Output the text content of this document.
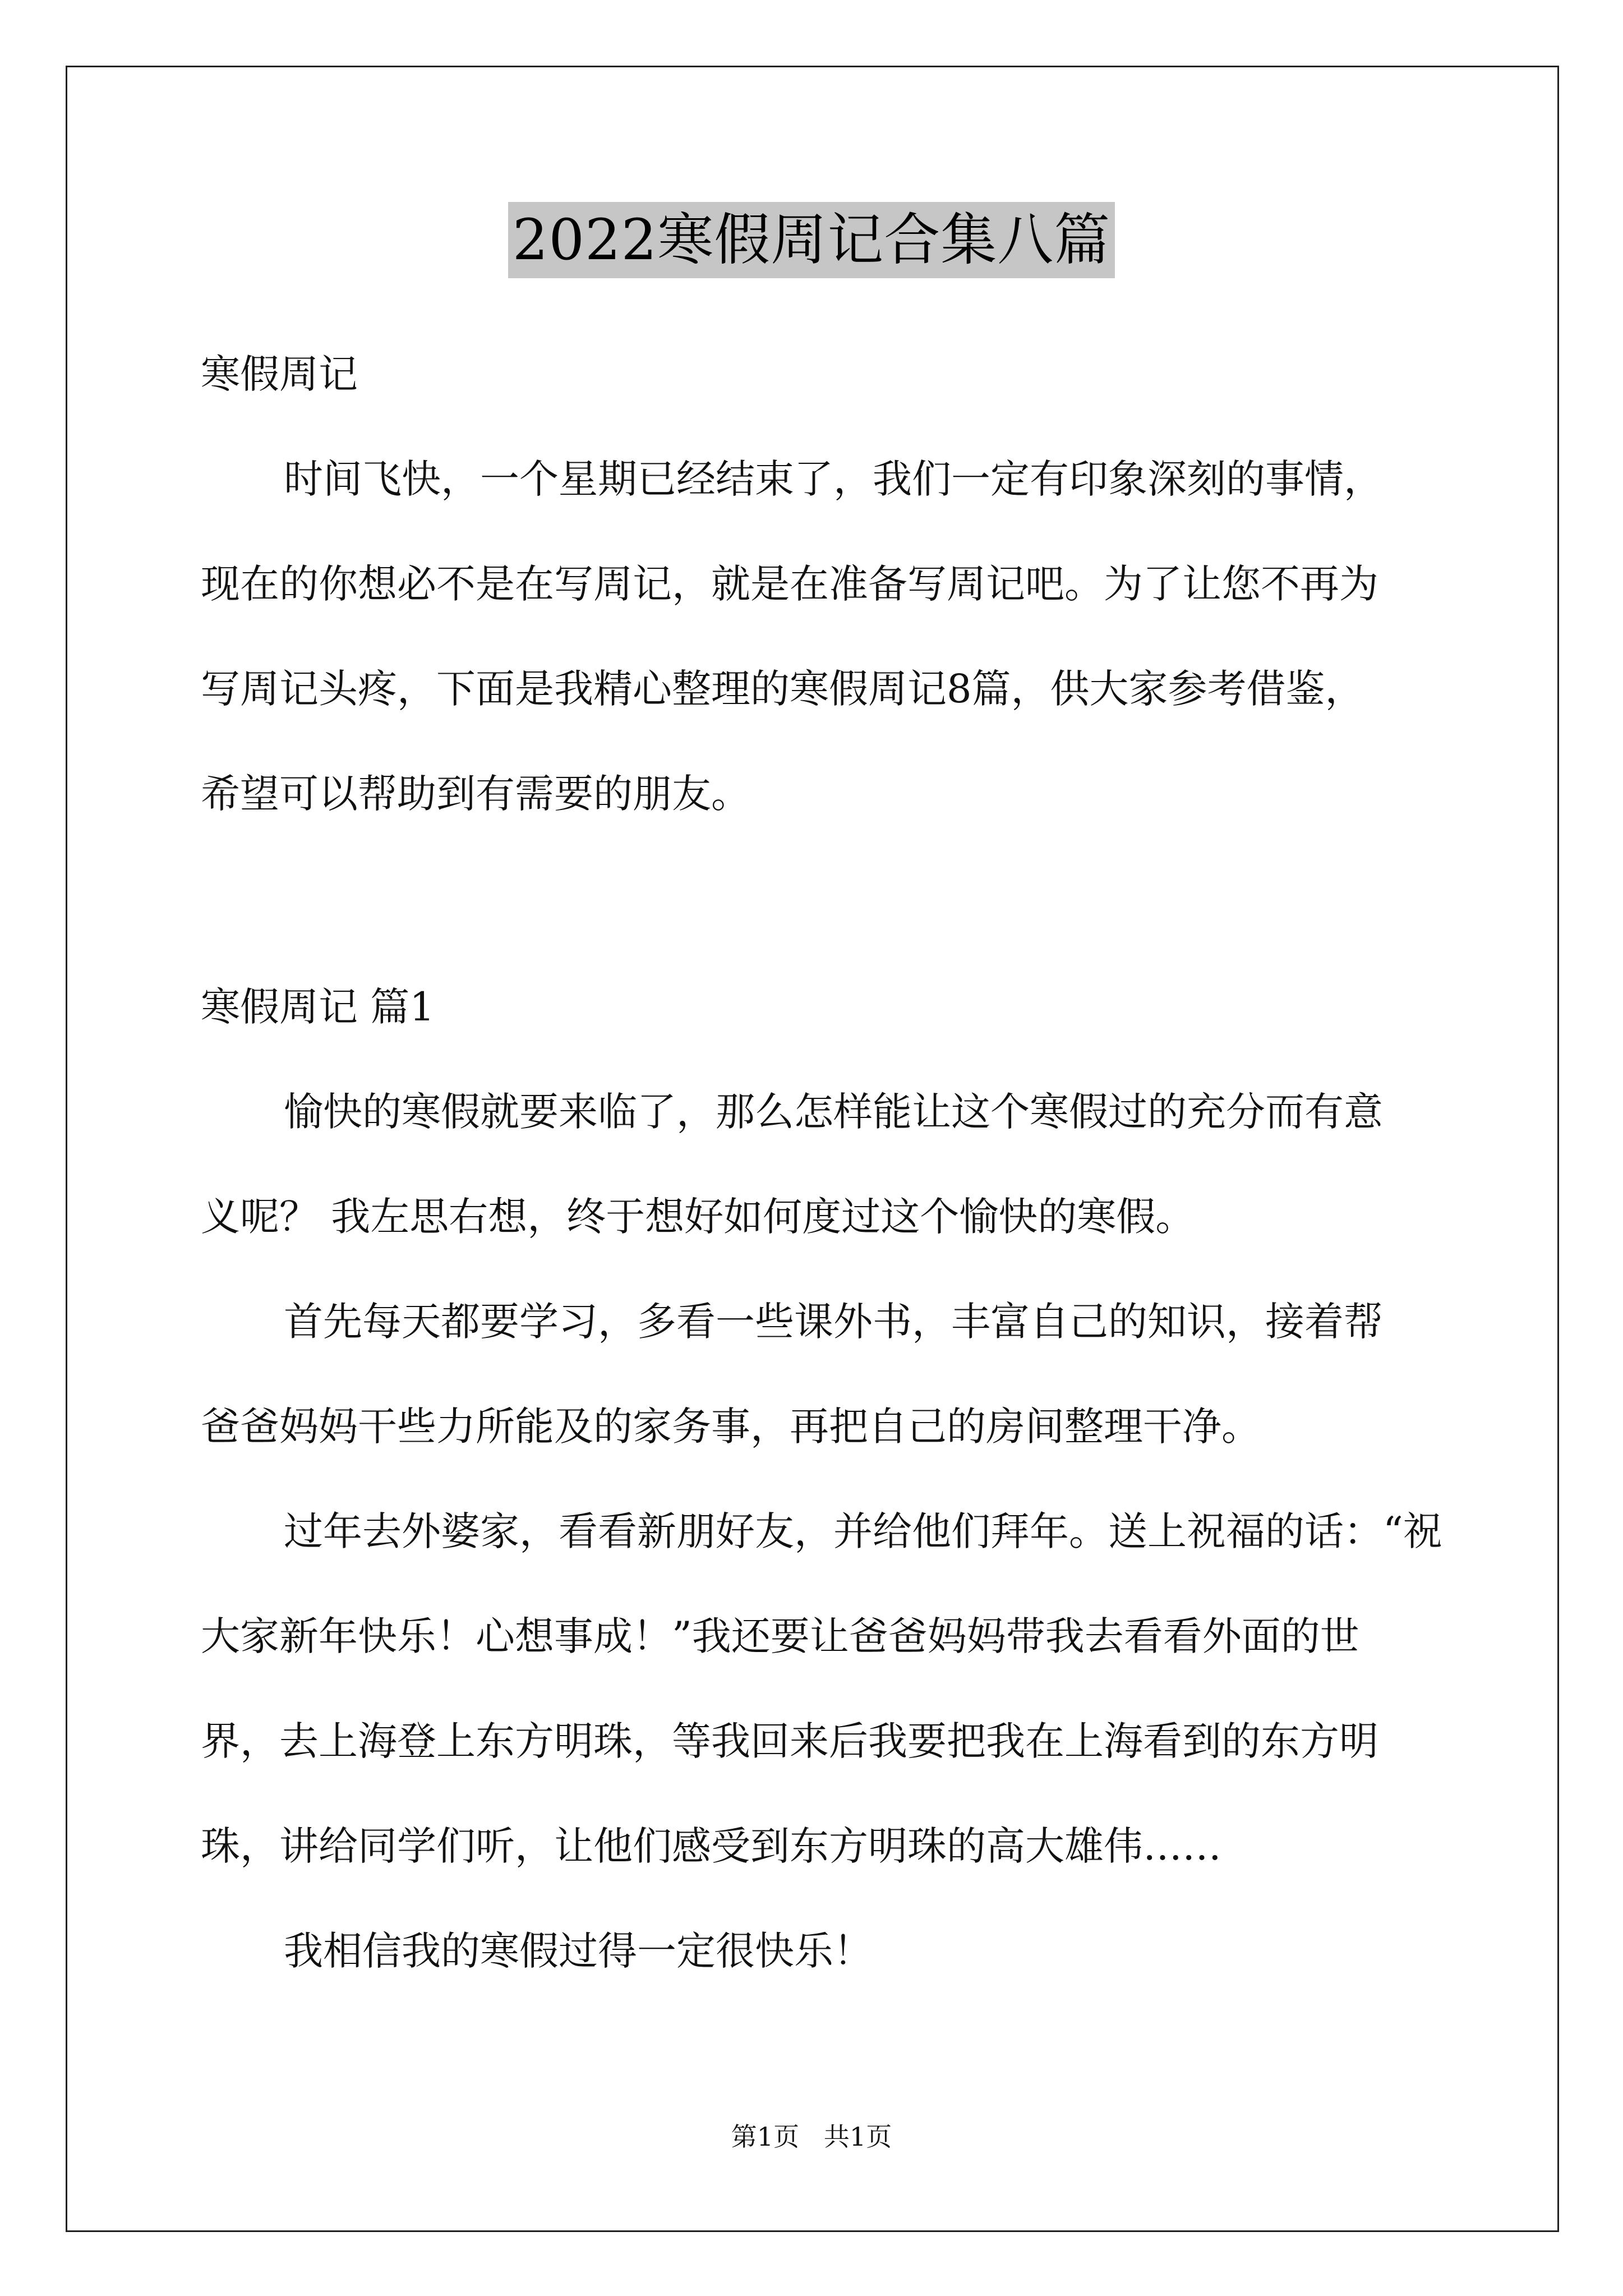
2022寒假周记合集八篇
寒假周记
时间飞快，一个星期已经结束了，我们一定有印象深刻的事情，
现在的你想必不是在写周记，就是在准备写周记吧。为了让您不再为
写周记头疼，下面是我精心整理的寒假周记8篇，供大家参考借鉴，
希望可以帮助到有需要的朋友。
寒假周记 篇1
愉快的寒假就要来临了，那么怎样能让这个寒假过的充分而有意
义呢？ 我左思右想，终于想好如何度过这个愉快的寒假。
首先每天都要学习，多看一些课外书，丰富自己的知识，接着帮
爸爸妈妈干些力所能及的家务事，再把自己的房间整理干净。
过年去外婆家，看看新朋好友，并给他们拜年。送上祝福的话：“祝
大家新年快乐！心想事成！”我还要让爸爸妈妈带我去看看外面的世
界，去上海登上东方明珠，等我回来后我要把我在上海看到的东方明
珠，讲给同学们听，让他们感受到东方明珠的高大雄伟……
我相信我的寒假过得一定很快乐！
第1页   共1页
